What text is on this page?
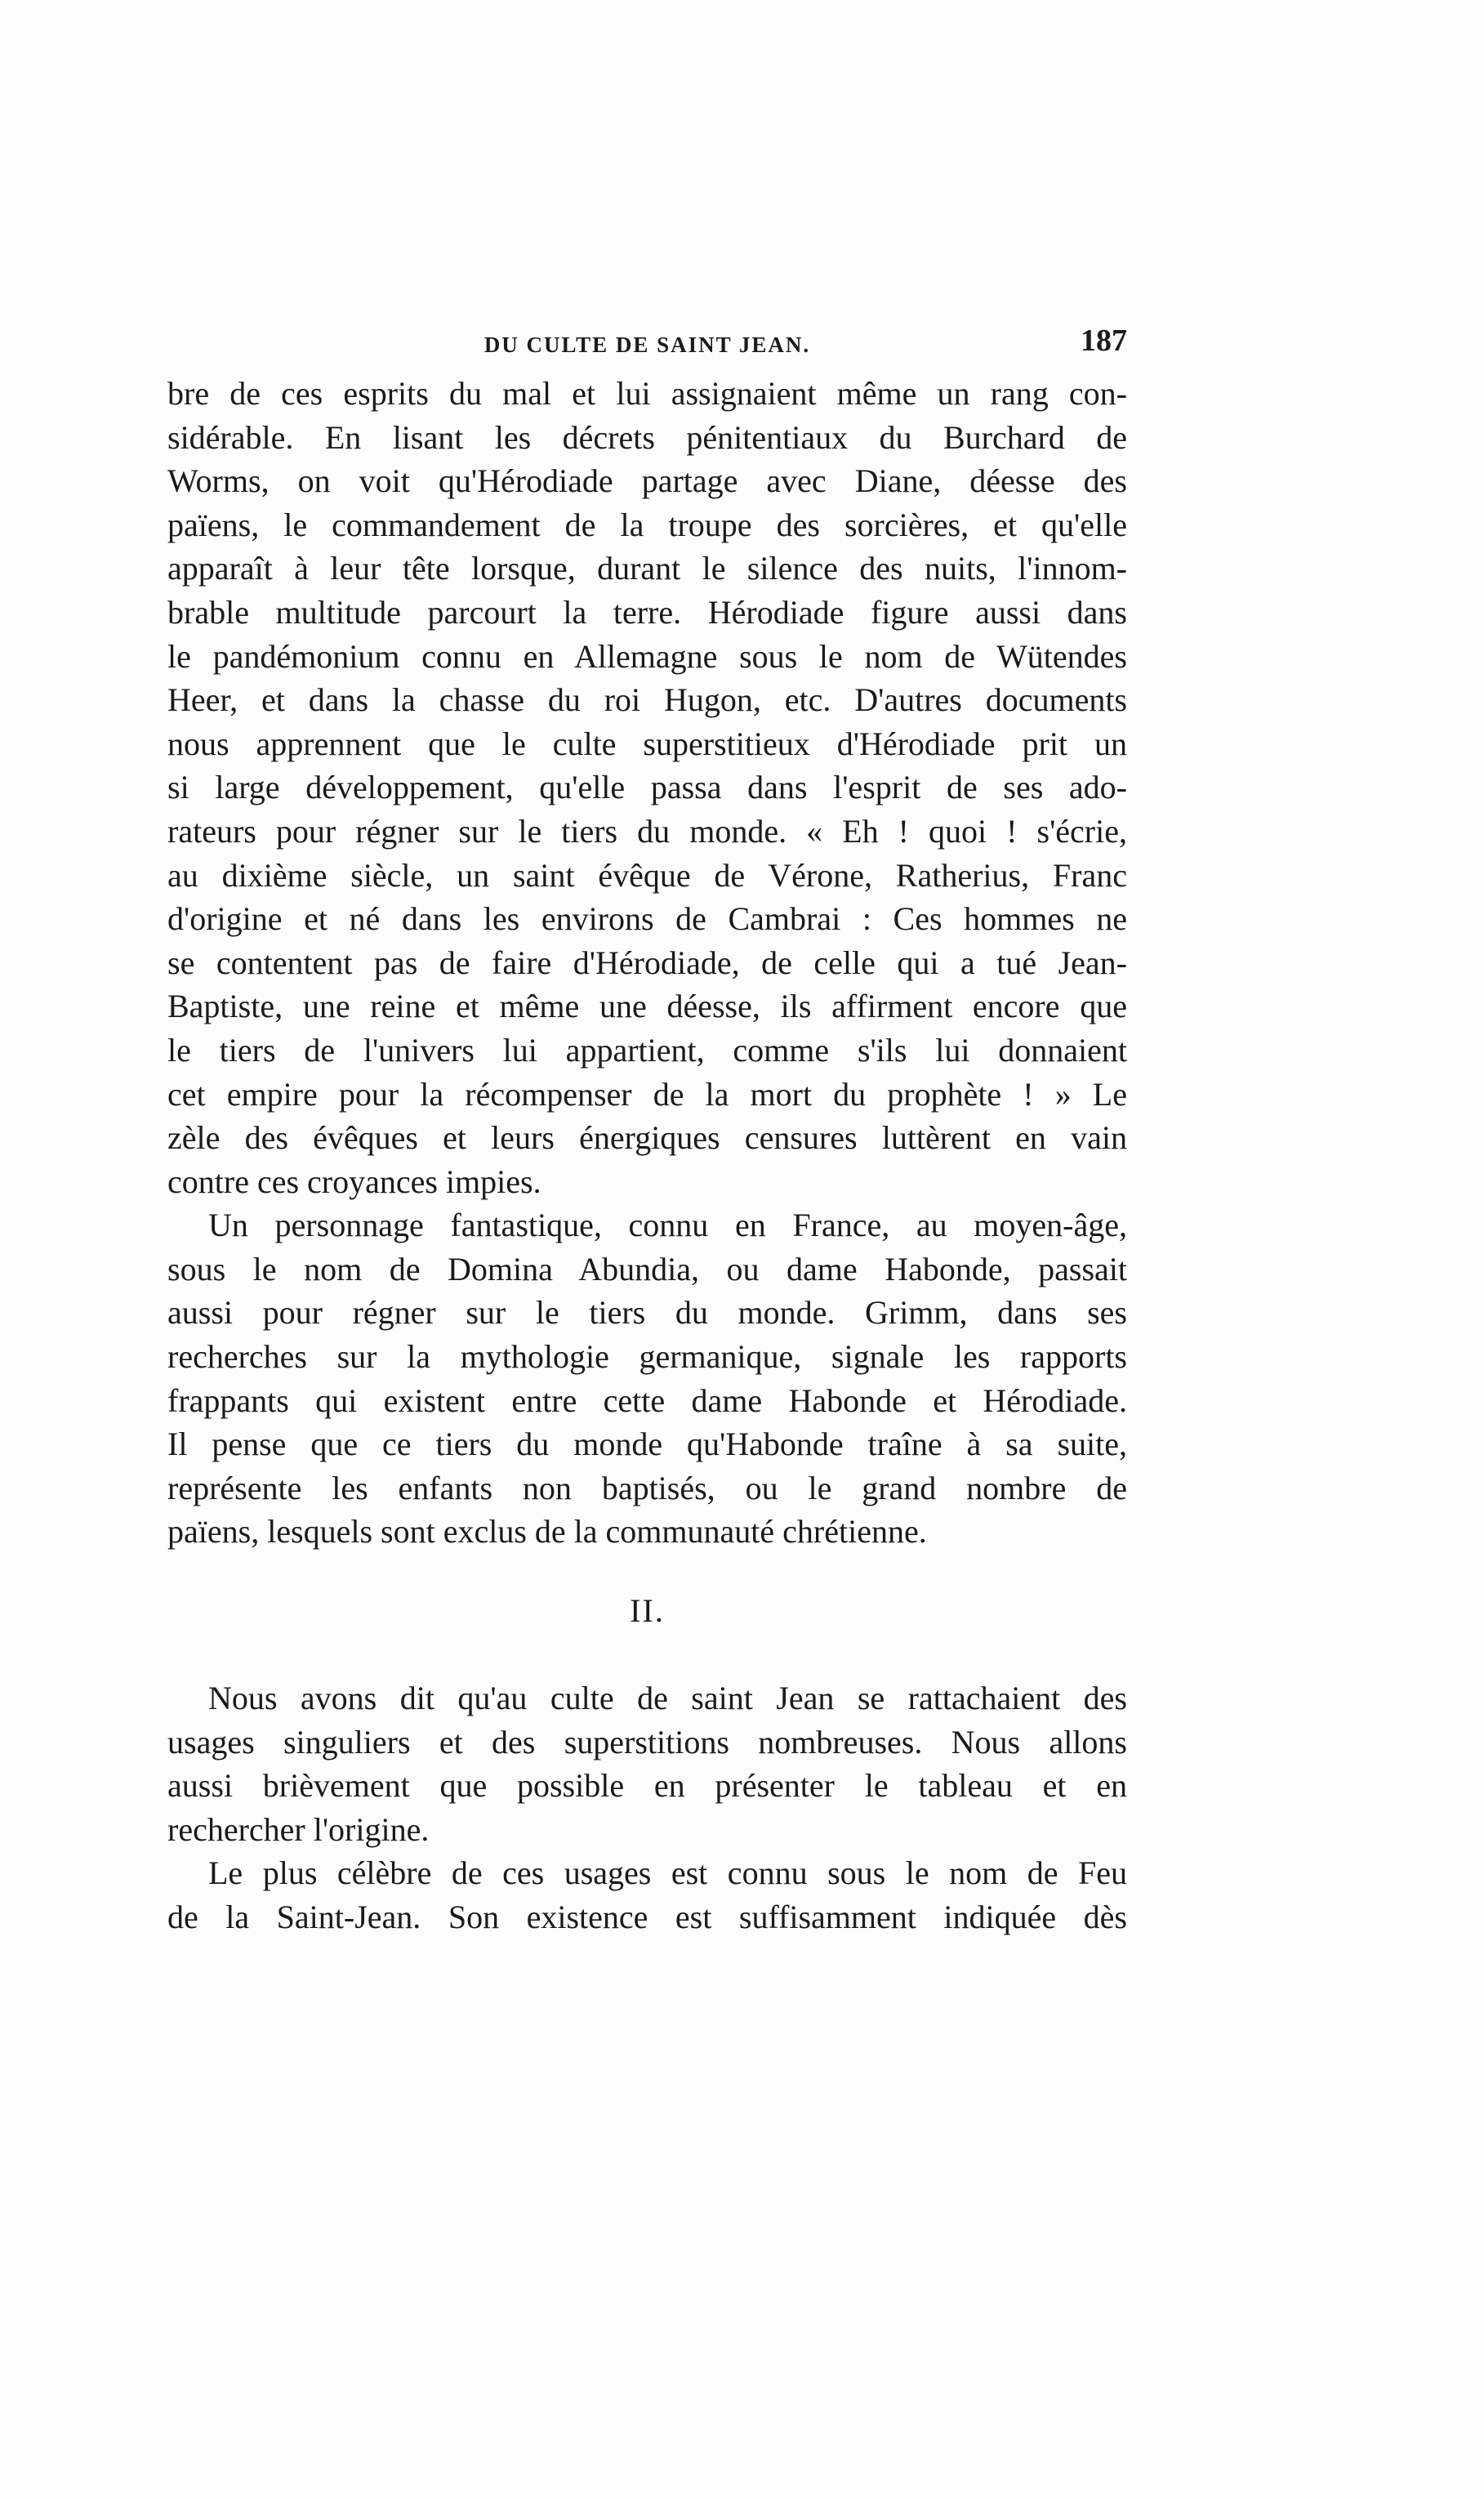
DU CULTE DE SAINT JEAN.	187
bre de ces esprits du mal et lui assignaient même un rang con-
sidérable. En lisant les décrets pénitentiaux du Burchard de
Worms, on voit qu'Hérodiade partage avec Diane, déesse des
païens, le commandement de la troupe des sorcières, et qu'elle
apparaît à leur tête lorsque, durant le silence des nuits, l'innom-
brable multitude parcourt la terre. Hérodiade figure aussi dans
le pandémonium connu en Allemagne sous le nom de Wütendes
Heer, et dans la chasse du roi Hugon, etc. D'autres documents
nous apprennent que le culte superstitieux d'Hérodiade prit un
si large développement, qu'elle passa dans l'esprit de ses ado-
rateurs pour régner sur le tiers du monde. « Eh ! quoi ! s'écrie,
au dixième siècle, un saint évêque de Vérone, Ratherius, Franc
d'origine et né dans les environs de Cambrai : Ces hommes ne
se contentent pas de faire d'Hérodiade, de celle qui a tué Jean-
Baptiste, une reine et même une déesse, ils affirment encore que
le tiers de l'univers lui appartient, comme s'ils lui donnaient
cet empire pour la récompenser de la mort du prophète ! » Le
zèle des évêques et leurs énergiques censures luttèrent en vain
contre ces croyances impies.
Un personnage fantastique, connu en France, au moyen-âge,
sous le nom de Domina Abundia, ou dame Habonde, passait
aussi pour régner sur le tiers du monde. Grimm, dans ses
recherches sur la mythologie germanique, signale les rapports
frappants qui existent entre cette dame Habonde et Hérodiade.
Il pense que ce tiers du monde qu'Habonde traîne à sa suite,
représente les enfants non baptisés, ou le grand nombre de
païens, lesquels sont exclus de la communauté chrétienne.
II.
Nous avons dit qu'au culte de saint Jean se rattachaient des
usages singuliers et des superstitions nombreuses. Nous allons
aussi brièvement que possible en présenter le tableau et en
rechercher l'origine.
Le plus célèbre de ces usages est connu sous le nom de Feu
de la Saint-Jean. Son existence est suffisamment indiquée dès
